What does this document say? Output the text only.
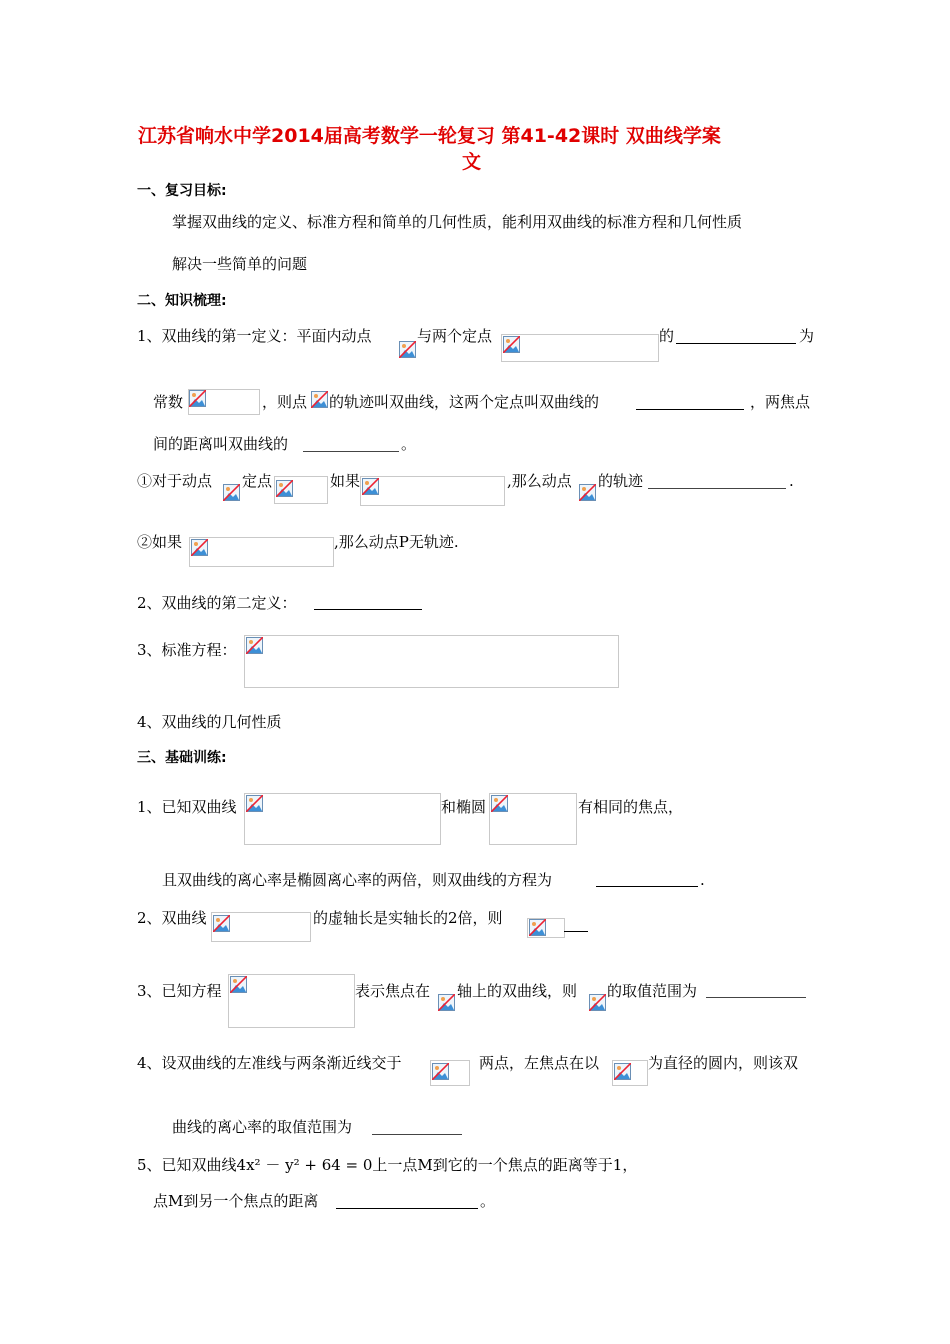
江苏省响水中学2014届高考数学一轮复习 第41-42课时 双曲线学案
文
一、复习目标:
掌握双曲线的定义、标准方程和简单的几何性质，能利用双曲线的标准方程和几何性质
解决一些简单的问题
二、知识梳理:
1、双曲线的第一定义：平面内动点	与两个定点	的	为
常数	，则点 的轨迹叫双曲线，这两个定点叫双曲线的	，两焦点
间的距离叫双曲线的	。
①对于动点 定点	如果	,那么动点 的轨迹	.
②如果	,那么动点P无轨迹.
2、双曲线的第二定义：
3、标准方程：
4、双曲线的几何性质
三、基础训练:
1、已知双曲线	和椭圆	有相同的焦点，
且双曲线的离心率是椭圆离心率的两倍，则双曲线的方程为	.
2、双曲线	的虚轴长是实轴长的2倍，则
3、已知方程	表示焦点在 轴上的双曲线，则 的取值范围为
4、设双曲线的左准线与两条渐近线交于	两点，左焦点在以	为直径的圆内，则该双
曲线的离心率的取值范围为
5、已知双曲线4x² － y² + 64 = 0上一点M到它的一个焦点的距离等于1，
点M到另一个焦点的距离	。
